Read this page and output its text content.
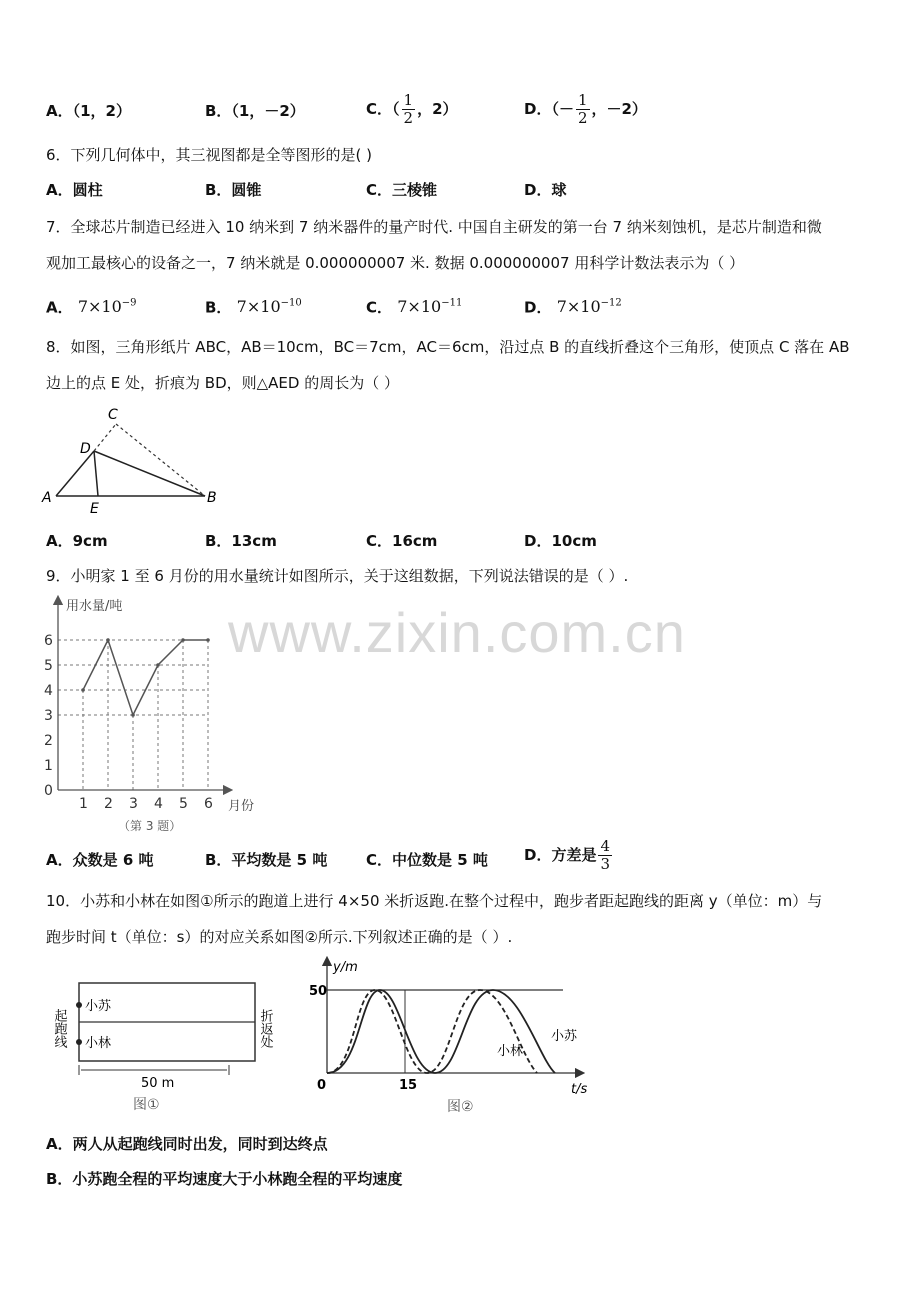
A．（1，2）	B．（1，－2）	C．（ $\frac{1}{2}$ ，2）	D．（－ $\frac{1}{2}$ ，－2）
6．下列几何体中，其三视图都是全等图形的是( )
A．圆柱	B．圆锥	C．三棱锥	D．球
7．全球芯片制造已经进入 10 纳米到 7 纳米器件的量产时代. 中国自主研发的第一台 7 纳米刻蚀机，是芯片制造和微
观加工最核心的设备之一，7 纳米就是 0.000000007 米. 数据 0.000000007 用科学计数法表示为（ ）
A． $7\times 10^{-9}$	B． $7\times 10^{-10}$	C． $7\times 10^{-11}$	D． $7\times 10^{-12}$
8．如图，三角形纸片 ABC，AB＝10cm，BC＝7cm，AC＝6cm，沿过点 B 的直线折叠这个三角形，使顶点 C 落在 AB
边上的点 E 处，折痕为 BD，则△AED 的周长为（ ）
C
D
A
E
B
A．9cm	B．13cm	C．16cm	D．10cm
9．小明家 1 至 6 月份的用水量统计如图所示，关于这组数据，下列说法错误的是（ ）.
用水量/吨
月份
0
1
2
3
4
5
6
1 2 3 4 5 6
（第 3 题）
A．众数是 6 吨	B．平均数是 5 吨	C．中位数是 5 吨 D．方差是 $\frac{4}{3}$
10．小苏和小林在如图①所示的跑道上进行 4×50 米折返跑.在整个过程中，跑步者距起跑线的距离 y（单位：m）与
跑步时间 t（单位：s）的对应关系如图②所示.下列叙述正确的是（ ）.
小苏
小林
起跑线	折返处
50 m
图①
y/m
t/s
50
0	15
小苏
小林
图②
A．两人从起跑线同时出发，同时到达终点
B．小苏跑全程的平均速度大于小林跑全程的平均速度
www.zixin.com.cn
